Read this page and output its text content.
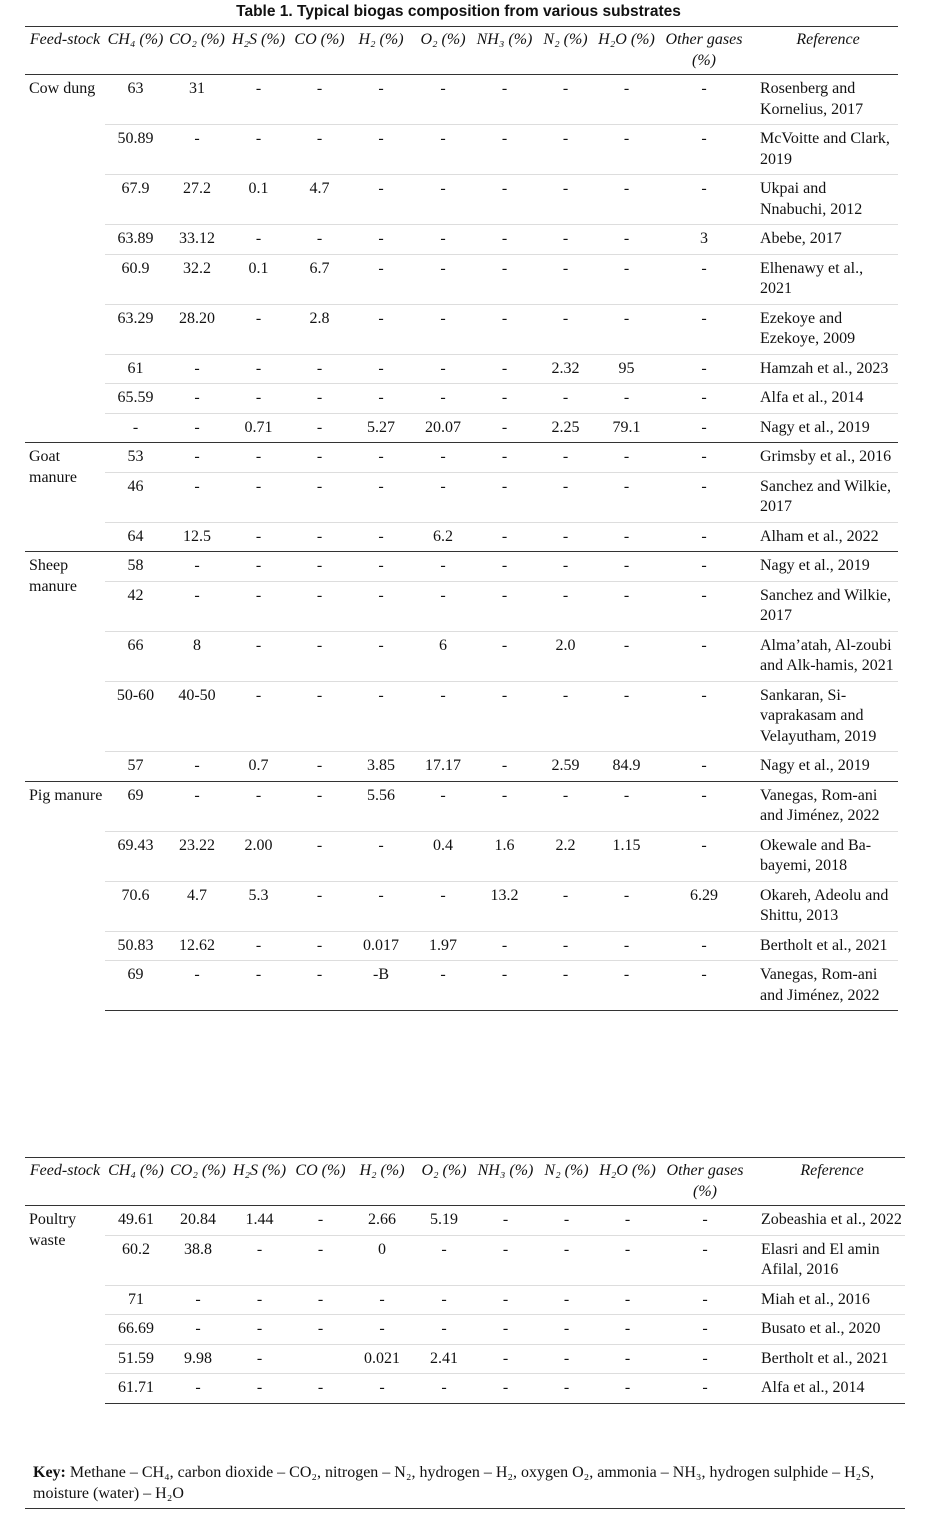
Table 1. Typical biogas composition from various substrates
Feed-stock	CH₄ (%)	CO₂ (%)	H₂S (%)	CO (%)	H₂ (%)	O₂ (%)	NH₃ (%)	N₂ (%)	H₂O (%)	Other gases (%)	Reference
Cow dung	63	31	-	-	-	-	-	-	-	-	Rosenberg and Kornelius, 2017
	50.89	-	-	-	-	-	-	-	-	-	McVoitte and Clark, 2019
	67.9	27.2	0.1	4.7	-	-	-	-	-	-	Ukpai and Nnabuchi, 2012
	63.89	33.12	-	-	-	-	-	-	-	3	Abebe, 2017
	60.9	32.2	0.1	6.7	-	-	-	-	-	-	Elhenawy et al., 2021
	63.29	28.20	-	2.8	-	-	-	-	-	-	Ezekoye and Ezekoye, 2009
	61	-	-	-	-	-	-	2.32	95	-	Hamzah et al., 2023
	65.59	-	-	-	-	-	-	-	-	-	Alfa et al., 2014
	-	-	0.71	-	5.27	20.07	-	2.25	79.1	-	Nagy et al., 2019
Goat manure	53	-	-	-	-	-	-	-	-	-	Grimsby et al., 2016
	46	-	-	-	-	-	-	-	-	-	Sanchez and Wilkie, 2017
	64	12.5	-	-	-	6.2	-	-	-	-	Alham et al., 2022
Sheep manure	58	-	-	-	-	-	-	-	-	-	Nagy et al., 2019
	42	-	-	-	-	-	-	-	-	-	Sanchez and Wilkie, 2017
	66	8	-	-	-	6	-	2.0	-	-	Alma’atah, Al-zoubi and Alk-hamis, 2021
	50-60	40-50	-	-	-	-	-	-	-	-	Sankaran, Si-vaprakasam and Velayutham, 2019
	57	-	0.7	-	3.85	17.17	-	2.59	84.9	-	Nagy et al., 2019
Pig manure	69	-	-	-	5.56	-	-	-	-	-	Vanegas, Rom-ani and Jiménez, 2022
	69.43	23.22	2.00	-	-	0.4	1.6	2.2	1.15	-	Okewale and Ba-bayemi, 2018
	70.6	4.7	5.3	-	-	-	13.2	-	-	6.29	Okareh, Adeolu and Shittu, 2013
	50.83	12.62	-	-	0.017	1.97	-	-	-	-	Bertholt et al., 2021
	69	-	-	-	-B	-	-	-	-	-	Vanegas, Rom-ani and Jiménez, 2022
Feed-stock	CH₄ (%)	CO₂ (%)	H₂S (%)	CO (%)	H₂ (%)	O₂ (%)	NH₃ (%)	N₂ (%)	H₂O (%)	Other gases (%)	Reference
Poultry waste	49.61	20.84	1.44	-	2.66	5.19	-	-	-	-	Zobeashia et al., 2022
	60.2	38.8	-	-	0	-	-	-	-	-	Elasri and El amin Afilal, 2016
	71	-	-	-	-	-	-	-	-	-	Miah et al., 2016
	66.69	-	-	-	-	-	-	-	-	-	Busato et al., 2020
	51.59	9.98	-		0.021	2.41	-	-	-	-	Bertholt et al., 2021
	61.71	-	-	-	-	-	-	-	-	-	Alfa et al., 2014
Key: Methane – CH₄, carbon dioxide – CO₂, nitrogen – N₂, hydrogen – H₂, oxygen O₂, ammonia – NH₃, hydrogen sulphide – H₂S, moisture (water) – H₂O
